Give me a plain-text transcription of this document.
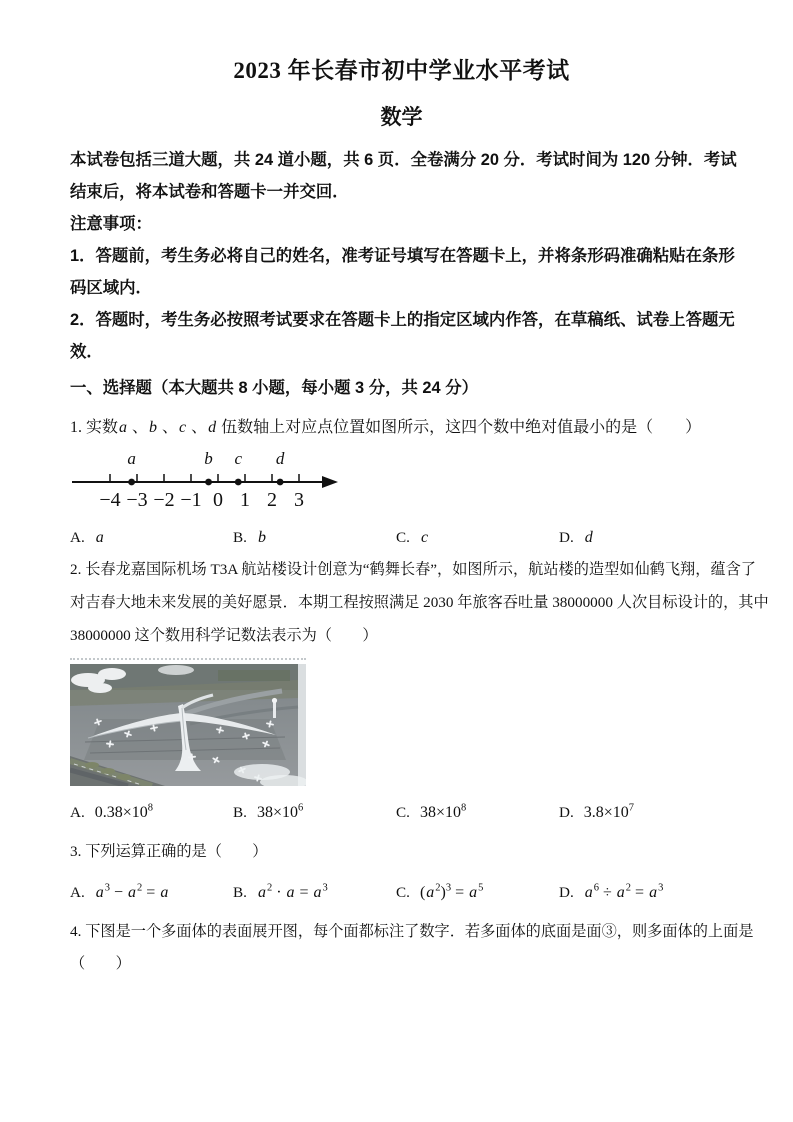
2023 年长春市初中学业水平考试
数学
本试卷包括三道大题，共 24 道小题，共 6 页．全卷满分 20 分．考试时间为 120 分钟．考试
结束后，将本试卷和答题卡一并交回．
注意事项：
1．答题前，考生务必将自己的姓名，准考证号填写在答题卡上，并将条形码准确粘贴在条形
码区域内．
2．答题时，考生务必按照考试要求在答题卡上的指定区域内作答，在草稿纸、试卷上答题无
效．
一、选择题（本大题共 8 小题，每小题 3 分，共 24 分）
1. 实数a 、b 、c 、d 伍数轴上对应点位置如图所示，这四个数中绝对值最小的是（　　）
−4 −3 −2 −1 0 1 2 3
a	b c d
A. a	B. b	C. c	D. d
2. 长春龙嘉国际机场 T3A 航站楼设计创意为“鹤舞长春”，如图所示，航站楼的造型如仙鹤飞翔，蕴含了
对吉春大地未来发展的美好愿景．本期工程按照满足 2030 年旅客吞吐量 38000000 人次目标设计的，其中
38000000 这个数用科学记数法表示为（　　）
A. $0.38\times 10^8$	B. $38\times 10^6$	C. $38\times 10^8$	D. $3.8\times 10^7$
3. 下列运算正确的是（　　）
A. $a^3 - a^2 = a$	B. $a^2 \cdot a = a^3$	C. $(a^2)^3 = a^5$	D. $a^6 \div a^2 = a^3$
4. 下图是一个多面体的表面展开图，每个面都标注了数字．若多面体的底面是面③，则多面体的上面是
（　　）
